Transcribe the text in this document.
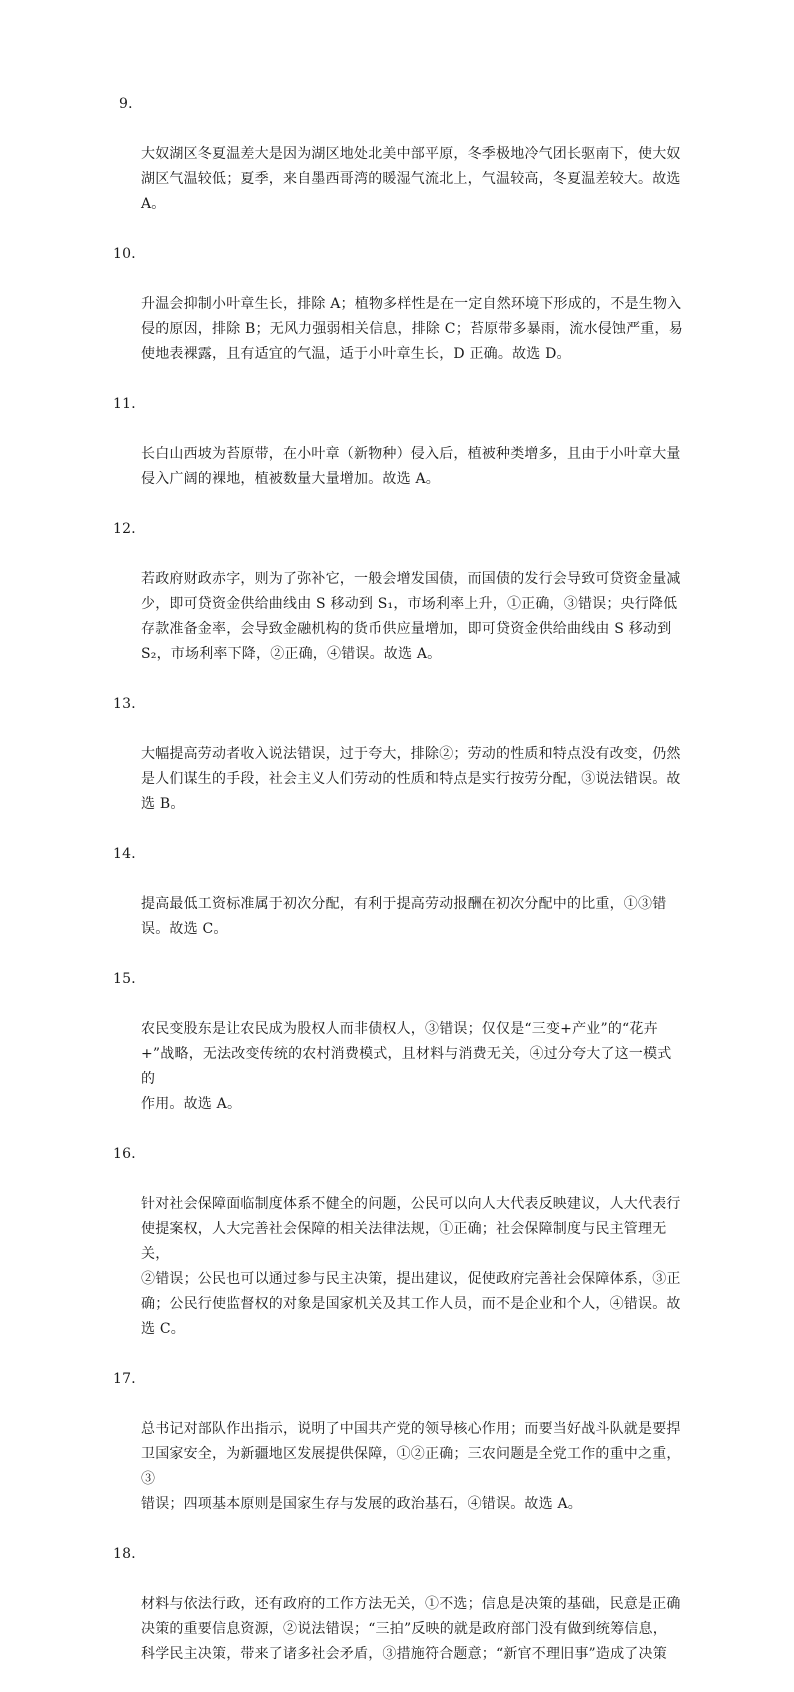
9．

大奴湖区冬夏温差大是因为湖区地处北美中部平原，冬季极地冷气团长驱南下，使大奴
湖区气温较低；夏季，来自墨西哥湾的暖湿气流北上，气温较高，冬夏温差较大。故选
A。

10．

升温会抑制小叶章生长，排除 A；植物多样性是在一定自然环境下形成的，不是生物入
侵的原因，排除 B；无风力强弱相关信息，排除 C；苔原带多暴雨，流水侵蚀严重，易
使地表裸露，且有适宜的气温，适于小叶章生长，D 正确。故选 D。

11．

长白山西坡为苔原带，在小叶章（新物种）侵入后，植被种类增多，且由于小叶章大量
侵入广阔的裸地，植被数量大量增加。故选 A。

12．

若政府财政赤字，则为了弥补它，一般会增发国债，而国债的发行会导致可贷资金量减
少，即可贷资金供给曲线由 S 移动到 S₁，市场利率上升，①正确，③错误；央行降低
存款准备金率，会导致金融机构的货币供应量增加，即可贷资金供给曲线由 S 移动到
S₂，市场利率下降，②正确，④错误。故选 A。

13．

大幅提高劳动者收入说法错误，过于夸大，排除②；劳动的性质和特点没有改变，仍然
是人们谋生的手段，社会主义人们劳动的性质和特点是实行按劳分配，③说法错误。故
选 B。

14．

提高最低工资标准属于初次分配，有利于提高劳动报酬在初次分配中的比重，①③错
误。故选 C。

15．

农民变股东是让农民成为股权人而非债权人，③错误；仅仅是“三变+产业”的“花卉
+”战略，无法改变传统的农村消费模式，且材料与消费无关，④过分夸大了这一模式的
作用。故选 A。

16．

针对社会保障面临制度体系不健全的问题，公民可以向人大代表反映建议，人大代表行
使提案权，人大完善社会保障的相关法律法规，①正确；社会保障制度与民主管理无关，
②错误；公民也可以通过参与民主决策，提出建议，促使政府完善社会保障体系，③正
确；公民行使监督权的对象是国家机关及其工作人员，而不是企业和个人，④错误。故
选 C。

17．

总书记对部队作出指示，说明了中国共产党的领导核心作用；而要当好战斗队就是要捍
卫国家安全，为新疆地区发展提供保障，①②正确；三农问题是全党工作的重中之重，③
错误；四项基本原则是国家生存与发展的政治基石，④错误。故选 A。

18．

材料与依法行政，还有政府的工作方法无关，①不选；信息是决策的基础，民意是正确
决策的重要信息资源，②说法错误；“三拍”反映的就是政府部门没有做到统筹信息，
科学民主决策，带来了诸多社会矛盾，③措施符合题意；“新官不理旧事”造成了决策
